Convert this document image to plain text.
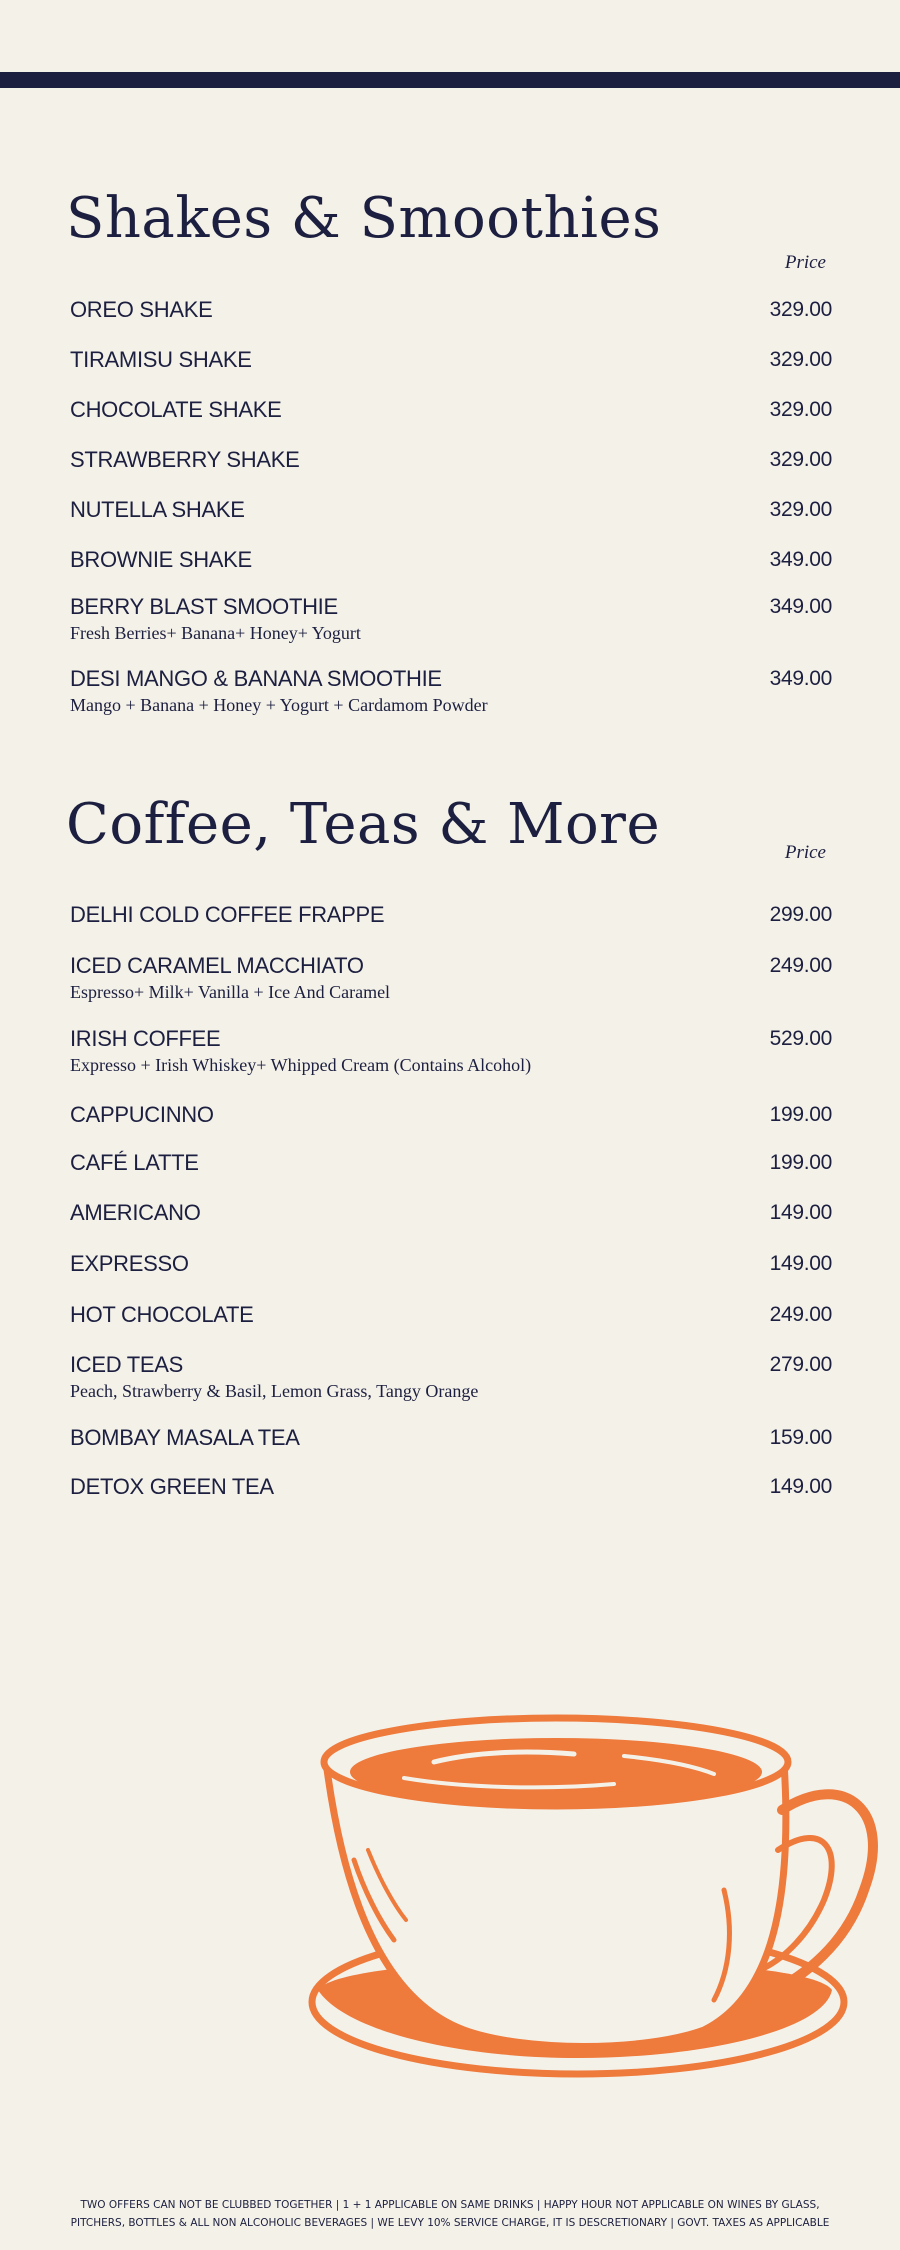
Shakes & Smoothies
Price
OREO SHAKE	329.00
TIRAMISU SHAKE	329.00
CHOCOLATE SHAKE	329.00
STRAWBERRY SHAKE	329.00
NUTELLA SHAKE	329.00
BROWNIE SHAKE	349.00
BERRY BLAST SMOOTHIE	349.00
Fresh Berries+ Banana+ Honey+ Yogurt
DESI MANGO & BANANA SMOOTHIE	349.00
Mango + Banana + Honey + Yogurt + Cardamom Powder
Coffee, Teas & More	Price
DELHI COLD COFFEE FRAPPE	299.00
ICED CARAMEL MACCHIATO	249.00
Espresso+ Milk+ Vanilla + Ice And Caramel
IRISH COFFEE	529.00
Expresso + Irish Whiskey+ Whipped Cream (Contains Alcohol)
CAPPUCINNO	199.00
CAFÉ LATTE	199.00
AMERICANO	149.00
EXPRESSO	149.00
HOT CHOCOLATE	249.00
ICED TEAS	279.00
Peach, Strawberry & Basil, Lemon Grass, Tangy Orange
BOMBAY MASALA TEA	159.00
DETOX GREEN TEA	149.00
TWO OFFERS CAN NOT BE CLUBBED TOGETHER | 1 + 1 APPLICABLE ON SAME DRINKS | HAPPY HOUR NOT APPLICABLE ON WINES BY GLASS,
PITCHERS, BOTTLES & ALL NON ALCOHOLIC BEVERAGES | WE LEVY 10% SERVICE CHARGE, IT IS DESCRETIONARY | GOVT. TAXES AS APPLICABLE
